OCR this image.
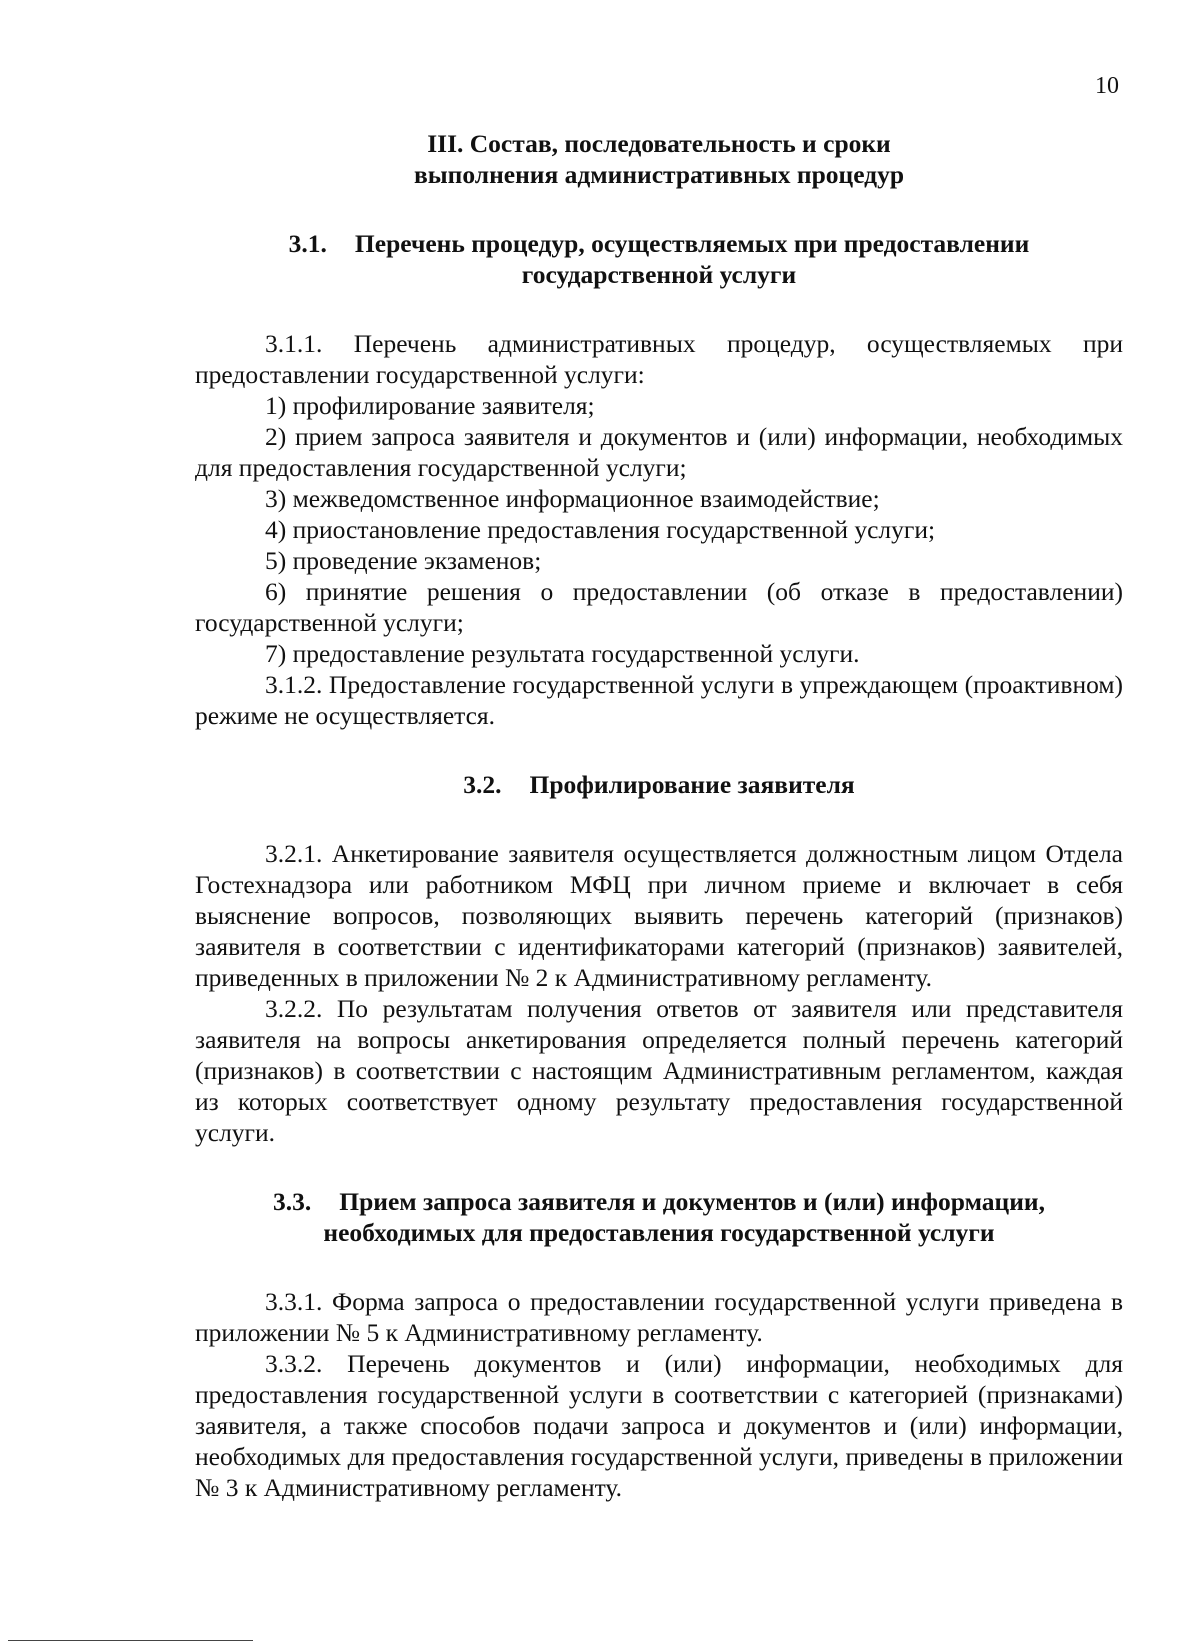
10
III. Состав, последовательность и сроки
выполнения административных процедур
3.1. Перечень процедур, осуществляемых при предоставлении
государственной услуги

3.1.1. Перечень административных процедур, осуществляемых при предоставлении государственной услуги:

1) профилирование заявителя;

2) прием запроса заявителя и документов и (или) информации, необходимых для предоставления государственной услуги;

3) межведомственное информационное взаимодействие;

4) приостановление предоставления государственной услуги;

5) проведение экзаменов;

6) принятие решения о предоставлении (об отказе в предоставлении) государственной услуги;

7) предоставление результата государственной услуги.

3.1.2. Предоставление государственной услуги в упреждающем (проактивном) режиме не осуществляется.

3.2. Профилирование заявителя

3.2.1. Анкетирование заявителя осуществляется должностным лицом Отдела Гостехнадзора или работником МФЦ при личном приеме и включает в себя выяснение вопросов, позволяющих выявить перечень категорий (признаков) заявителя в соответствии с идентификаторами категорий (признаков) заявителей, приведенных в приложении № 2 к Административному регламенту.

3.2.2. По результатам получения ответов от заявителя или представителя заявителя на вопросы анкетирования определяется полный перечень категорий (признаков) в соответствии с настоящим Административным регламентом, каждая из которых соответствует одному результату предоставления государственной услуги.

3.3. Прием запроса заявителя и документов и (или) информации,
необходимых для предоставления государственной услуги

3.3.1. Форма запроса о предоставлении государственной услуги приведена в приложении № 5 к Административному регламенту.

3.3.2. Перечень документов и (или) информации, необходимых для предоставления государственной услуги в соответствии с категорией (признаками) заявителя, а также способов подачи запроса и документов и (или) информации, необходимых для предоставления государственной услуги, приведены в приложении № 3 к Административному регламенту.
